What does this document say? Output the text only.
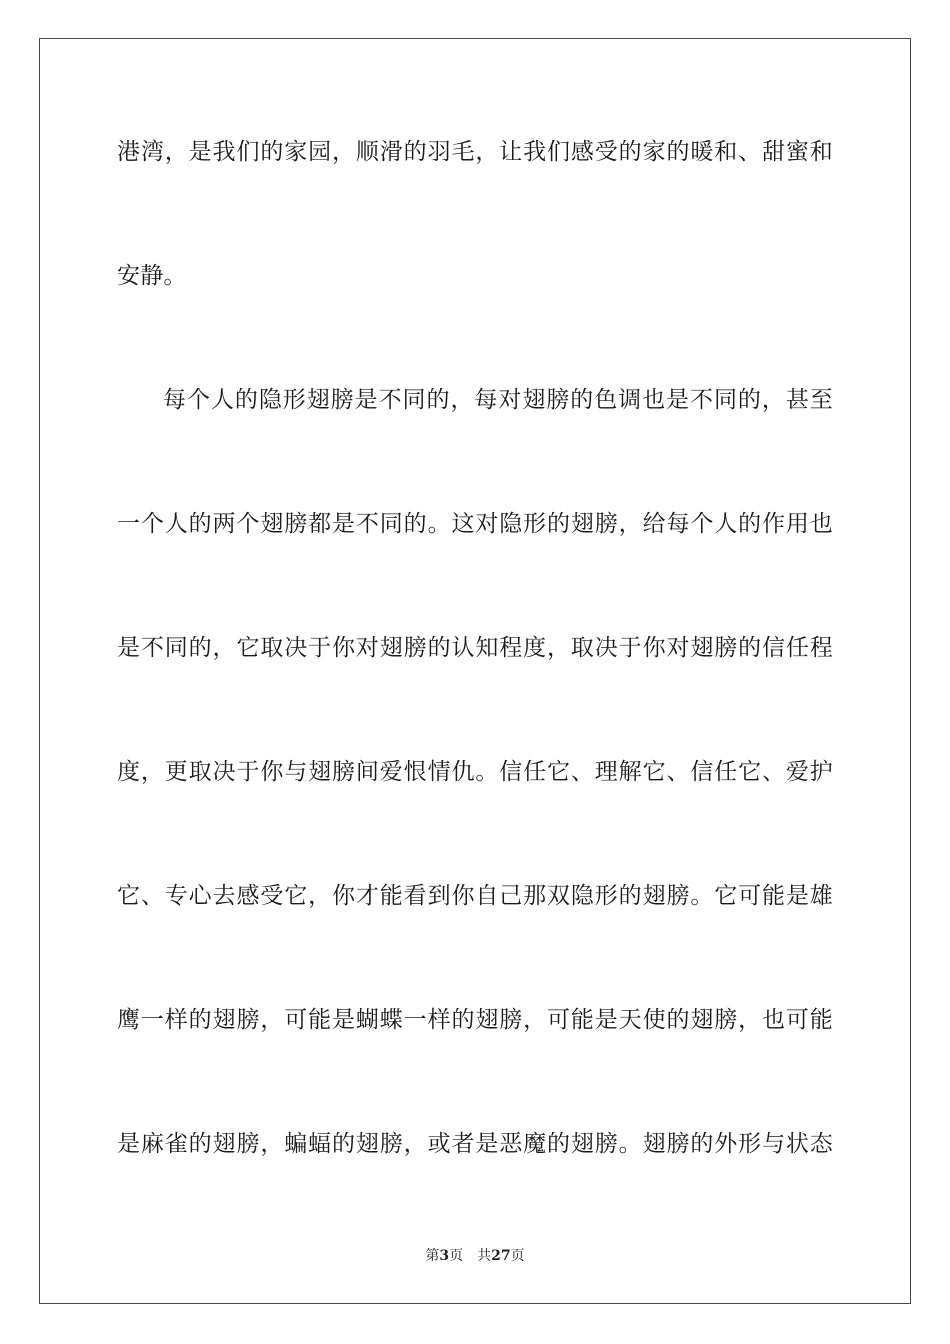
港湾，是我们的家园，顺滑的羽毛，让我们感受的家的暖和、甜蜜和
安静。
每个人的隐形翅膀是不同的，每对翅膀的色调也是不同的，甚至
一个人的两个翅膀都是不同的。这对隐形的翅膀，给每个人的作用也
是不同的，它取决于你对翅膀的认知程度，取决于你对翅膀的信任程
度，更取决于你与翅膀间爱恨情仇。信任它、理解它、信任它、爱护
它、专心去感受它，你才能看到你自己那双隐形的翅膀。它可能是雄
鹰一样的翅膀，可能是蝴蝶一样的翅膀，可能是天使的翅膀，也可能
是麻雀的翅膀，蝙蝠的翅膀，或者是恶魔的翅膀。翅膀的外形与状态
第3页 共27页
